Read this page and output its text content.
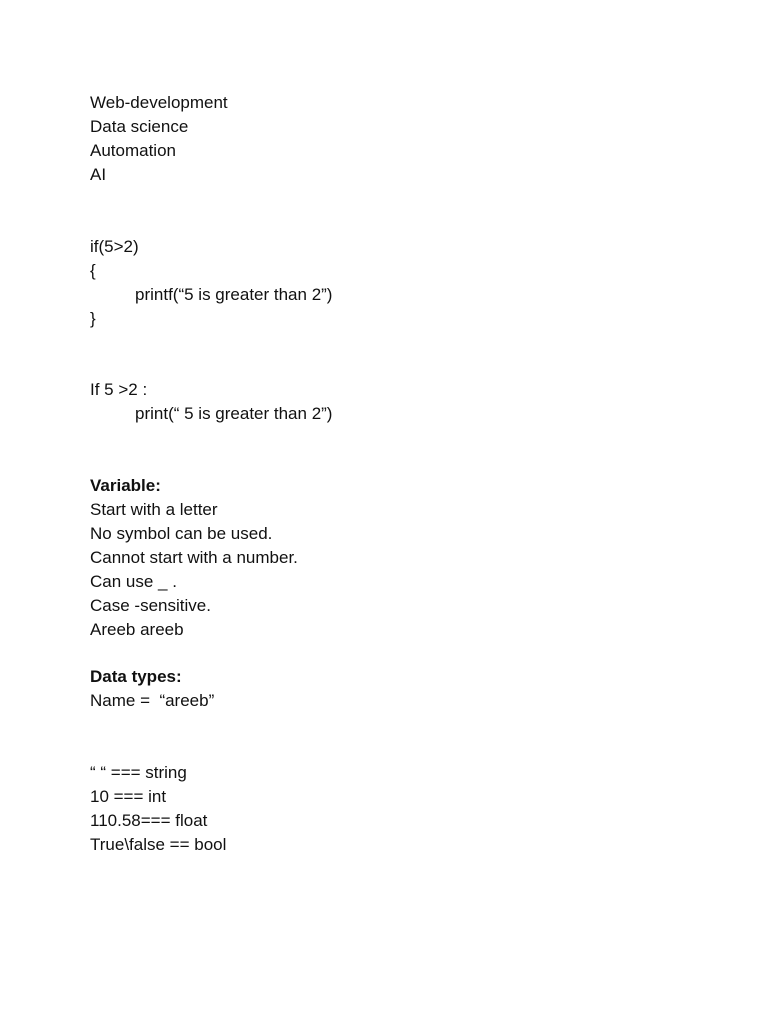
Web-development
Data science
Automation
AI
if(5>2)
{
printf(“5 is greater than 2”)
}
If 5 >2 :
print(“ 5 is greater than 2”)
Variable:
Start with a letter
No symbol can be used.
Cannot start with a number.
Can use _ .
Case -sensitive.
Areeb areeb
Data types:
Name =  “areeb”
“ “ === string
10 === int
110.58=== float
True\false == bool
